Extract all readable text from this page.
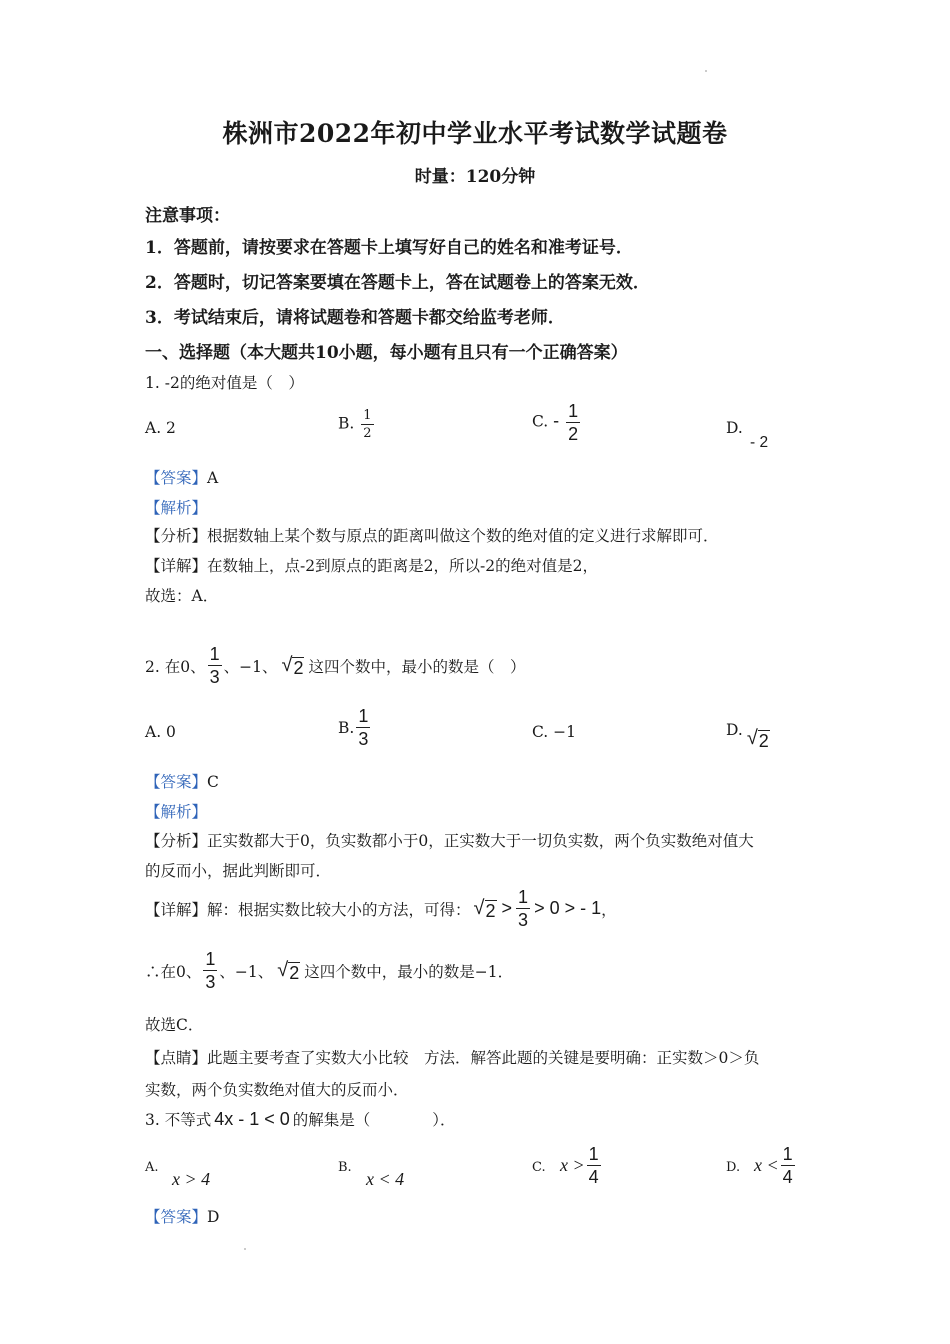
株洲市2022年初中学业水平考试数学试题卷
时量：120分钟
注意事项：
1．答题前，请按要求在答题卡上填写好自己的姓名和准考证号．
2．答题时，切记答案要填在答题卡上，答在试题卷上的答案无效．
3．考试结束后，请将试题卷和答题卡都交给监考老师．
一、选择题（本大题共10小题，每小题有且只有一个正确答案）
1. -2的绝对值是（　）
A. 2	B. $\frac{1}{2}$	C. - $\frac{1}{2}$	D.
- 2
【答案】A
【解析】
【分析】根据数轴上某个数与原点的距离叫做这个数的绝对值的定义进行求解即可．
【详解】在数轴上，点-2到原点的距离是2，所以-2的绝对值是2，
故选：A．
2. 在0、 $\frac{1}{3}$ 、−1、 √ 2 这四个数中，最小的数是（　）
A. 0	B. $\frac{1}{3}$	C. −1	D. √ 2
【答案】C
【解析】
【分析】正实数都大于0，负实数都小于0，正实数大于一切负实数，两个负实数绝对值大
的反而小，据此判断即可．
【详解】 解：根据实数比较大小的方法，可得： √ $2 > \frac{1}{3} > 0$ > - 1 ，
∴在0、 $\frac{1}{3}$ 、−1、 √ 2 这四个数中，最小的数是−1．
故选C．
【点睛】此题主要考查了实数大小比较　方法．解答此题的关键是要明确：正实数＞0＞负
实数，两个负实数绝对值大的反而小．
3. 不等式 4x - 1 < 0 的解集是（　　　　）．
A.
x > 4
B.
x < 4
C. $x > \frac{1}{4}$	D. $x < \frac{1}{4}$
【答案】D
